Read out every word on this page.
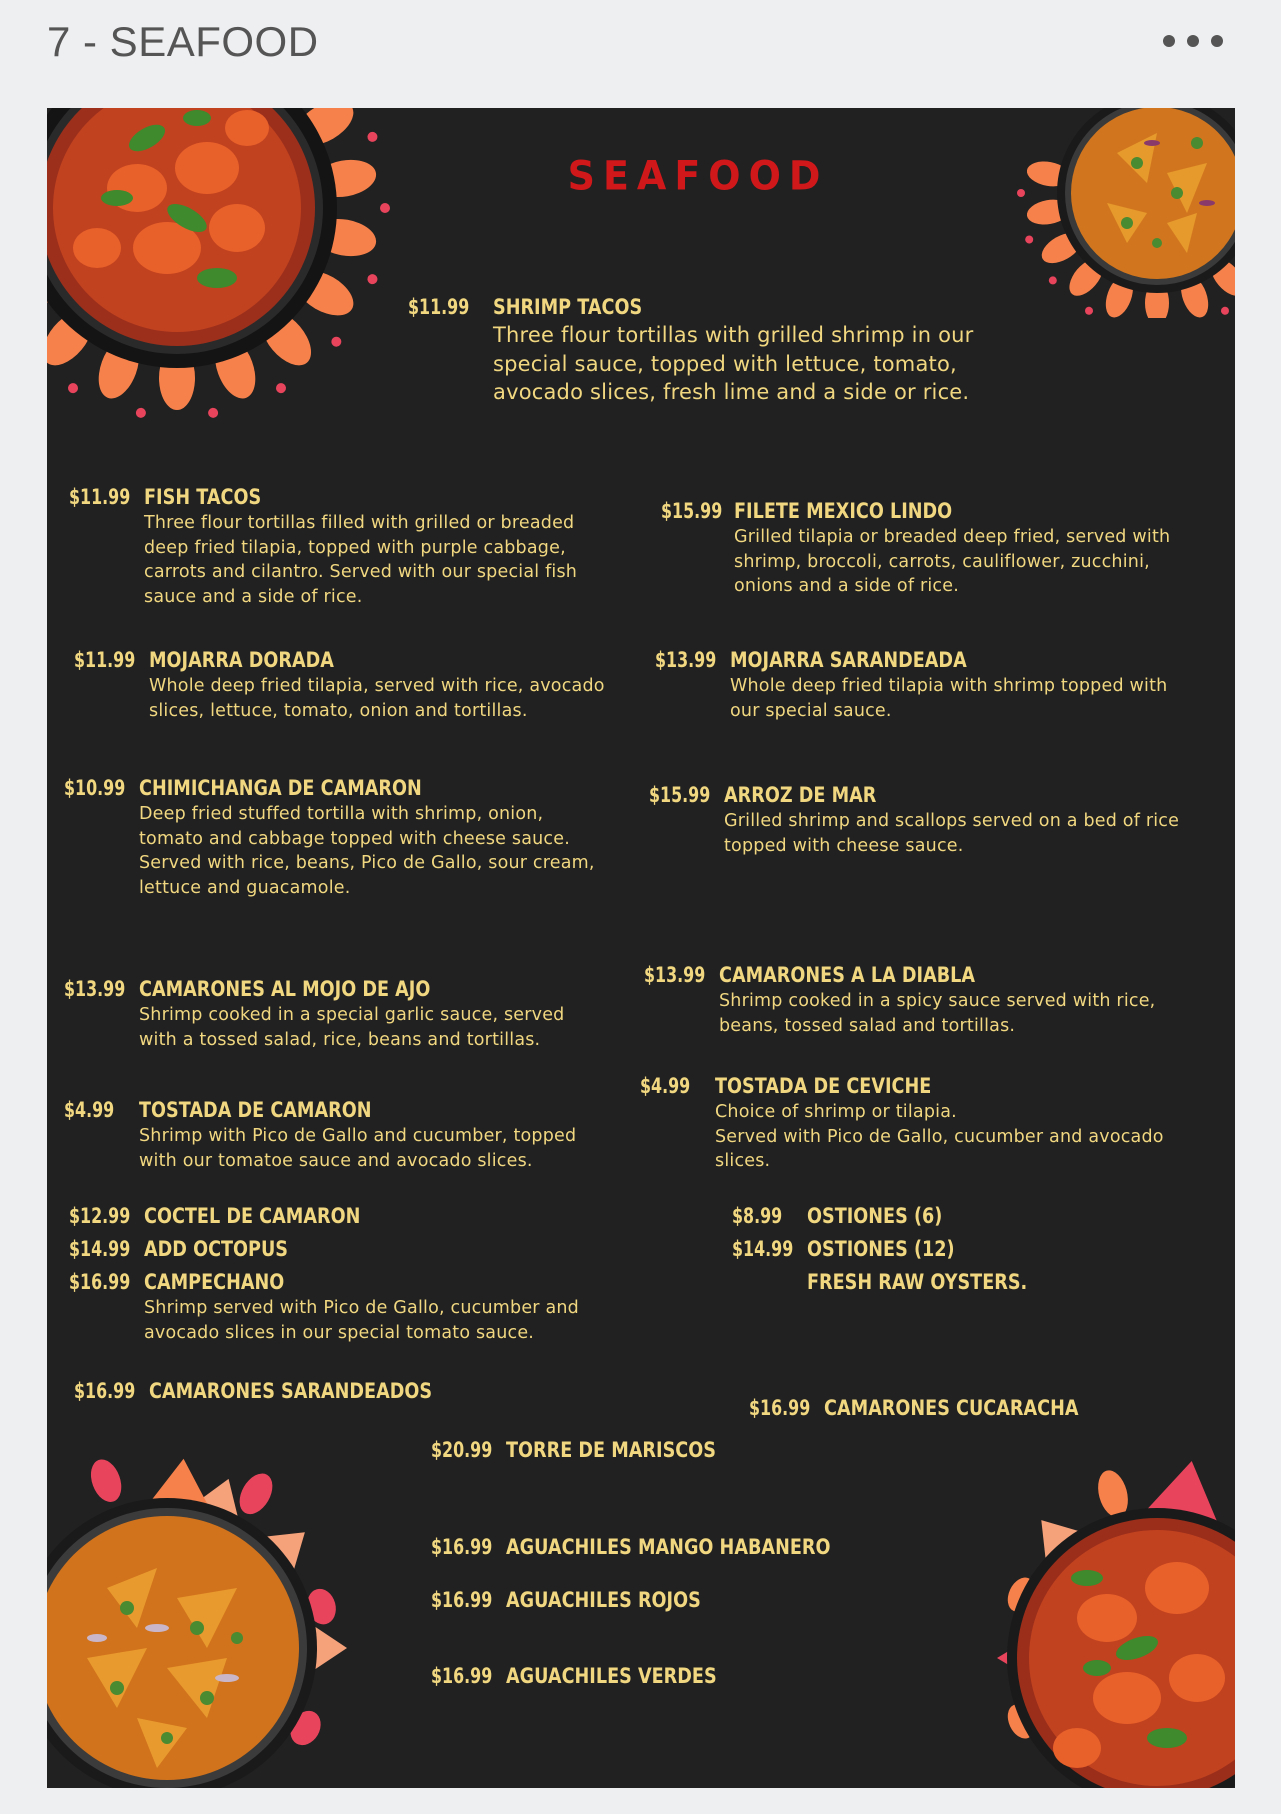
7 - SEAFOOD
SEAFOOD
$11.99 SHRIMP TACOS
Three flour tortillas with grilled shrimp in our
special sauce, topped with lettuce, tomato,
avocado slices, fresh lime and a side or rice.
$11.99 FISH TACOS
Three flour tortillas filled with grilled or breaded
deep fried tilapia, topped with purple cabbage,
carrots and cilantro. Served with our special fish
sauce and a side of rice.
$15.99 FILETE MEXICO LINDO
Grilled tilapia or breaded deep fried, served with
shrimp, broccoli, carrots, cauliflower, zucchini,
onions and a side of rice.
$11.99 MOJARRA DORADA
Whole deep fried tilapia, served with rice, avocado
slices, lettuce, tomato, onion and tortillas.
$13.99 MOJARRA SARANDEADA
Whole deep fried tilapia with shrimp topped with
our special sauce.
$10.99 CHIMICHANGA DE CAMARON
Deep fried stuffed tortilla with shrimp, onion,
tomato and cabbage topped with cheese sauce.
Served with rice, beans, Pico de Gallo, sour cream,
lettuce and guacamole.
$15.99 ARROZ DE MAR
Grilled shrimp and scallops served on a bed of rice
topped with cheese sauce.
$13.99 CAMARONES AL MOJO DE AJO
Shrimp cooked in a special garlic sauce, served
with a tossed salad, rice, beans and tortillas.
$13.99 CAMARONES A LA DIABLA
Shrimp cooked in a spicy sauce served with rice,
beans, tossed salad and tortillas.
$4.99 TOSTADA DE CAMARON
Shrimp with Pico de Gallo and cucumber, topped
with our tomatoe sauce and avocado slices.
$4.99 TOSTADA DE CEVICHE
Choice of shrimp or tilapia.
Served with Pico de Gallo, cucumber and avocado
slices.
$12.99 COCTEL DE CAMARON
$14.99 ADD OCTOPUS
$16.99 CAMPECHANO
Shrimp served with Pico de Gallo, cucumber and
avocado slices in our special tomato sauce.
$8.99 OSTIONES (6)
$14.99 OSTIONES (12)
FRESH RAW OYSTERS.
$16.99 CAMARONES SARANDEADOS
$16.99 CAMARONES CUCARACHA
$20.99 TORRE DE MARISCOS
$16.99 AGUACHILES MANGO HABANERO
$16.99 AGUACHILES ROJOS
$16.99 AGUACHILES VERDES
